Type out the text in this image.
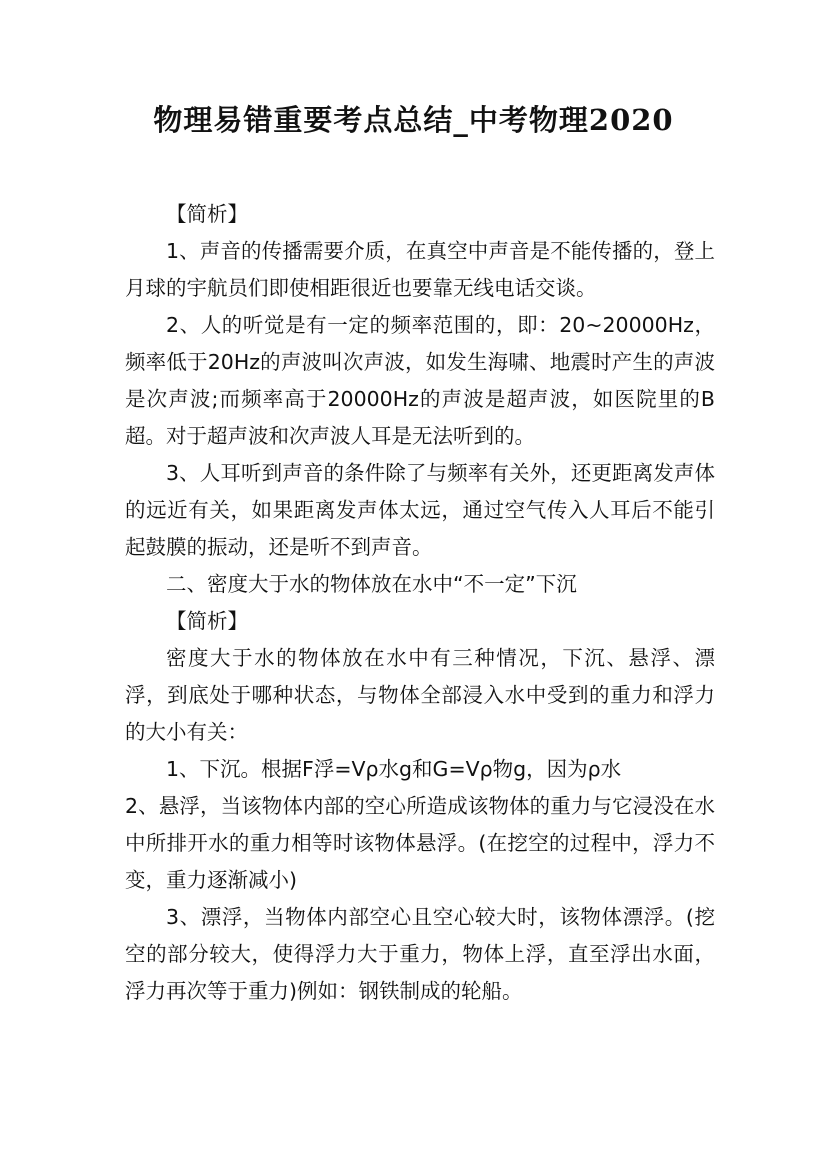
物理易错重要考点总结_中考物理2020

【简析】

1、声音的传播需要介质，在真空中声音是不能传播的，登上月球的宇航员们即使相距很近也要靠无线电话交谈。

2、人的听觉是有一定的频率范围的，即：20~20000Hz，频率低于20Hz的声波叫次声波，如发生海啸、地震时产生的声波是次声波;而频率高于20000Hz的声波是超声波，如医院里的B超。对于超声波和次声波人耳是无法听到的。

3、人耳听到声音的条件除了与频率有关外，还更距离发声体的远近有关，如果距离发声体太远，通过空气传入人耳后不能引起鼓膜的振动，还是听不到声音。

二、密度大于水的物体放在水中“不一定”下沉

【简析】

密度大于水的物体放在水中有三种情况，下沉、悬浮、漂浮，到底处于哪种状态，与物体全部浸入水中受到的重力和浮力的大小有关：

1、下沉。根据F浮=Vρ水g和G=Vρ物g，因为ρ水

2、悬浮，当该物体内部的空心所造成该物体的重力与它浸没在水中所排开水的重力相等时该物体悬浮。(在挖空的过程中，浮力不变，重力逐渐减小)

3、漂浮，当物体内部空心且空心较大时，该物体漂浮。(挖空的部分较大，使得浮力大于重力，物体上浮，直至浮出水面，浮力再次等于重力)例如：钢铁制成的轮船。
